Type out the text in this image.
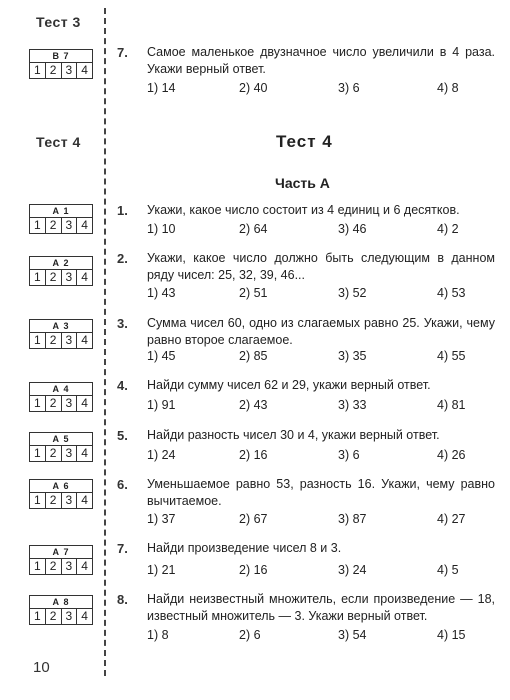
Тест 3
Тест 4
В 7
1 2 3 4
А 1
1 2 3 4
А 2
1 2 3 4
А 3
1 2 3 4
А 4
1 2 3 4
А 5
1 2 3 4
А 6
1 2 3 4
А 7
1 2 3 4
А 8
1 2 3 4
Тест 4
Часть А
7. Самое маленькое двузначное число увеличили в 4 раза. Укажи верный ответ.
1) 14	2) 40	3) 6	4) 8
1. Укажи, какое число состоит из 4 единиц и 6 десятков.
1) 10	2) 64	3) 46	4) 2
2. Укажи, какое число должно быть следующим в данном ряду чисел: 25, 32, 39, 46...
1) 43	2) 51	3) 52	4) 53
3. Сумма чисел 60, одно из слагаемых равно 25. Укажи, чему равно второе слагаемое.
1) 45	2) 85	3) 35	4) 55
4. Найди сумму чисел 62 и 29, укажи верный ответ.
1) 91	2) 43	3) 33	4) 81
5. Найди разность чисел 30 и 4, укажи верный ответ.
1) 24	2) 16	3) 6	4) 26
6. Уменьшаемое равно 53, разность 16. Укажи, чему равно вычитаемое.
1) 37	2) 67	3) 87	4) 27
7. Найди произведение чисел 8 и 3.
1) 21	2) 16	3) 24	4) 5
8. Найди неизвестный множитель, если произведение — 18, известный множитель — 3. Укажи верный ответ.
1) 8	2) 6	3) 54	4) 15
10
